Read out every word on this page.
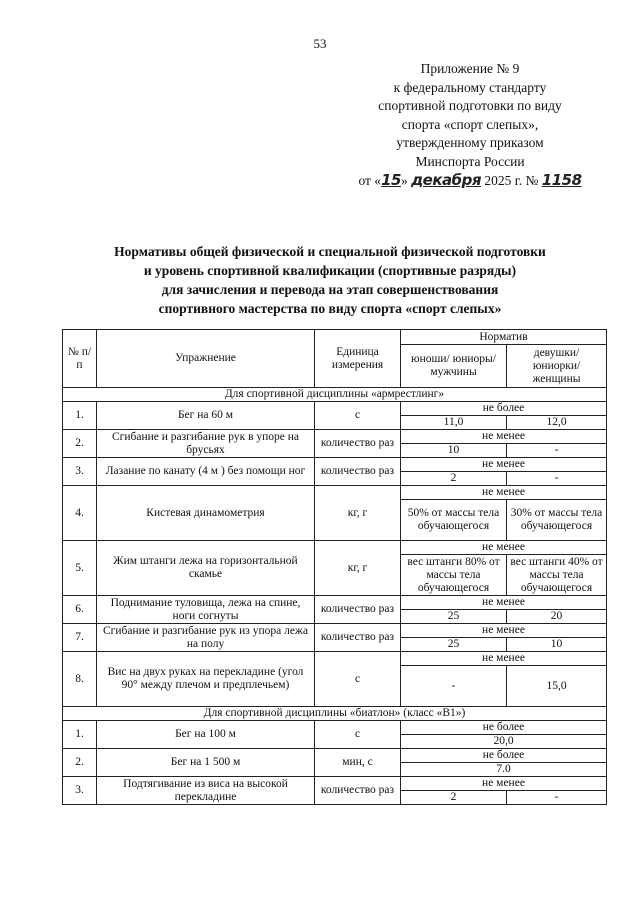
53
Приложение № 9
к федеральному стандарту
спортивной подготовки по виду
спорта «спорт слепых»,
утвержденному приказом
Минспорта России
от «15» декабря 2025 г. № 1158
Нормативы общей физической и специальной физической подготовки
и уровень спортивной квалификации (спортивные разряды)
для зачисления и перевода на этап совершенствования
спортивного мастерства по виду спорта «спорт слепых»
№ п/п	Упражнение	Единица измерения	Норматив	
			юноши/ юниоры/ мужчины	девушки/ юниорки/ женщины
Для спортивной дисциплины «армрестлинг»				
1.	Бег на 60 м	с	не более	
			11,0	12,0
2.	Сгибание и разгибание рук в упоре на брусьях	количество раз	не менее	
			10	-
3.	Лазание по канату (4 м ) без помощи ног	количество раз	не менее	
			2	-
4.	Кистевая динамометрия	кг, г	не менее	
			50% от массы тела обучающегося	30% от массы тела обучающегося
5.	Жим штанги лежа на горизонтальной скамье	кг, г	не менее	
			вес штанги 80% от массы тела обучающегося	вес штанги 40% от массы тела обучающегося
6.	Поднимание туловища, лежа на спине, ноги согнуты	количество раз	не менее	
			25	20
7.	Сгибание и разгибание рук из упора лежа на полу	количество раз	не менее	
			25	10
8.	Вис на двух руках на перекладине (угол 90° между плечом и предплечьем)	с	не менее	
			-	15,0
Для спортивной дисциплины «биатлон» (класс «B1»)				
1.	Бег на 100 м	с	не более	
			20,0	
2.	Бег на 1 500 м	мин, с	не более	
			7.0	
3.	Подтягивание из виса на высокой перекладине	количество раз	не менее	
			2	-
